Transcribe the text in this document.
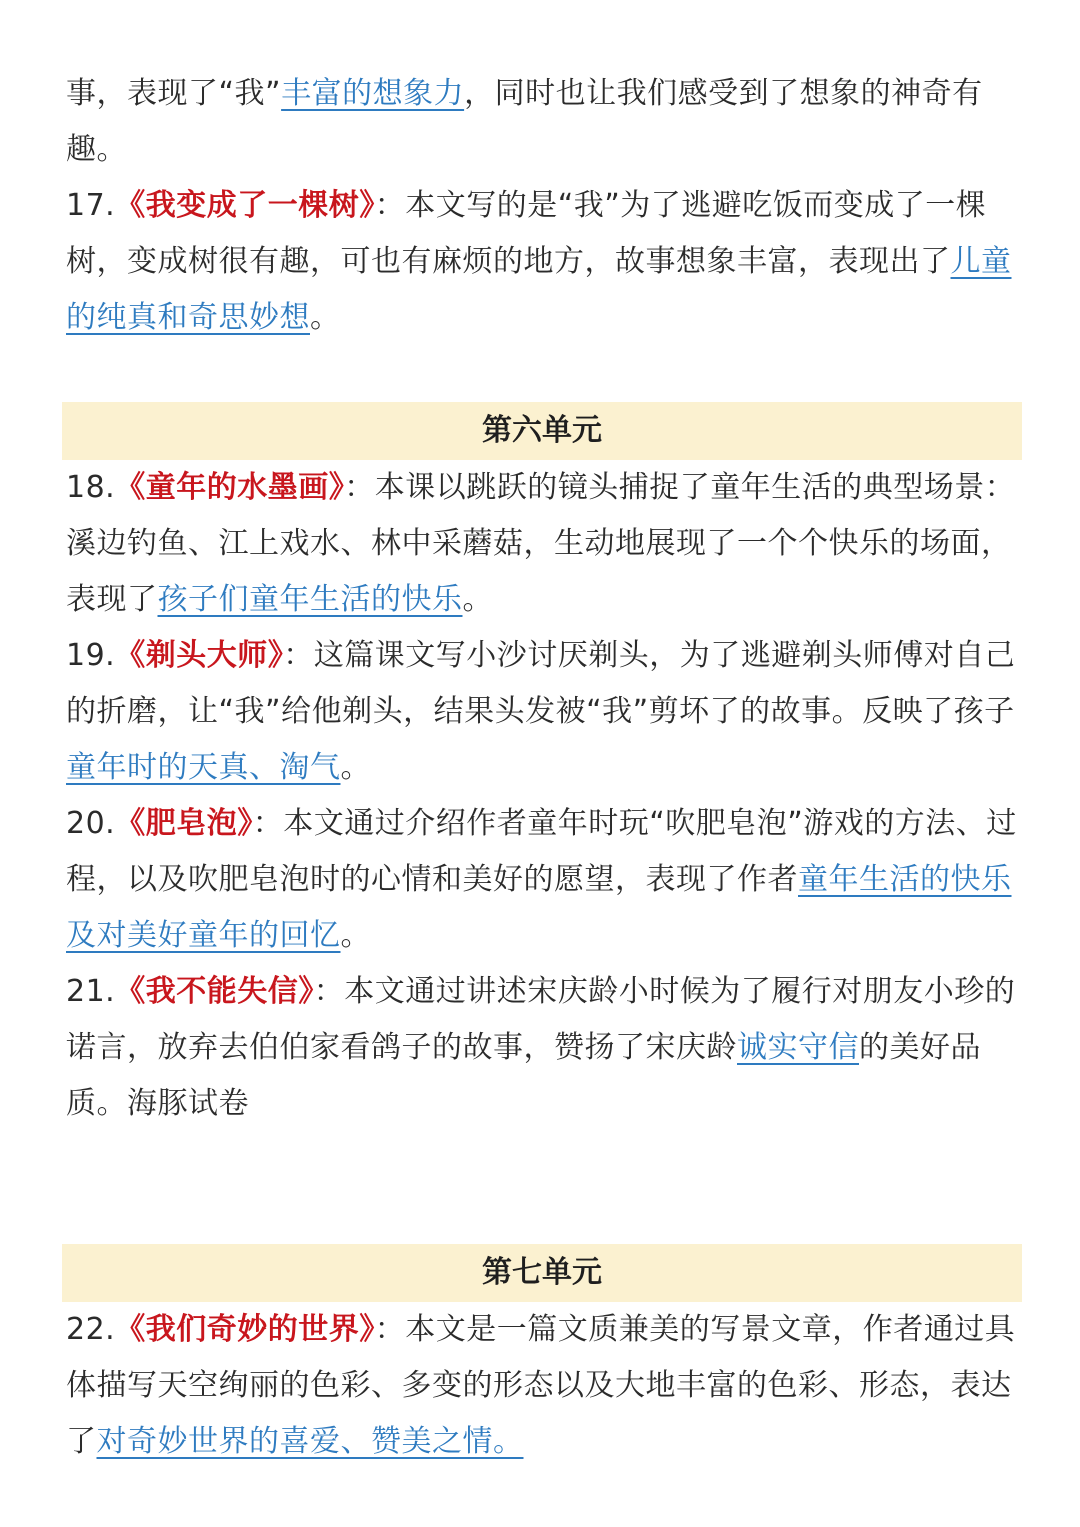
事，表现了“我”丰富的想象力，同时也让我们感受到了想象的神奇有趣。

17.《我变成了一棵树》：本文写的是“我”为了逃避吃饭而变成了一棵树，变成树很有趣，可也有麻烦的地方，故事想象丰富，表现出了儿童的纯真和奇思妙想。

第六单元

18.《童年的水墨画》：本课以跳跃的镜头捕捉了童年生活的典型场景：溪边钓鱼、江上戏水、林中采蘑菇，生动地展现了一个个快乐的场面，表现了孩子们童年生活的快乐。

19.《剃头大师》：这篇课文写小沙讨厌剃头，为了逃避剃头师傅对自己的折磨，让“我”给他剃头，结果头发被“我”剪坏了的故事。反映了孩子童年时的天真、淘气。

20.《肥皂泡》：本文通过介绍作者童年时玩“吹肥皂泡”游戏的方法、过程，以及吹肥皂泡时的心情和美好的愿望，表现了作者童年生活的快乐及对美好童年的回忆。

21.《我不能失信》：本文通过讲述宋庆龄小时候为了履行对朋友小珍的诺言，放弃去伯伯家看鸽子的故事，赞扬了宋庆龄诚实守信的美好品质。海豚试卷

第七单元

22.《我们奇妙的世界》：本文是一篇文质兼美的写景文章，作者通过具体描写天空绚丽的色彩、多变的形态以及大地丰富的色彩、形态，表达了对奇妙世界的喜爱、赞美之情。
